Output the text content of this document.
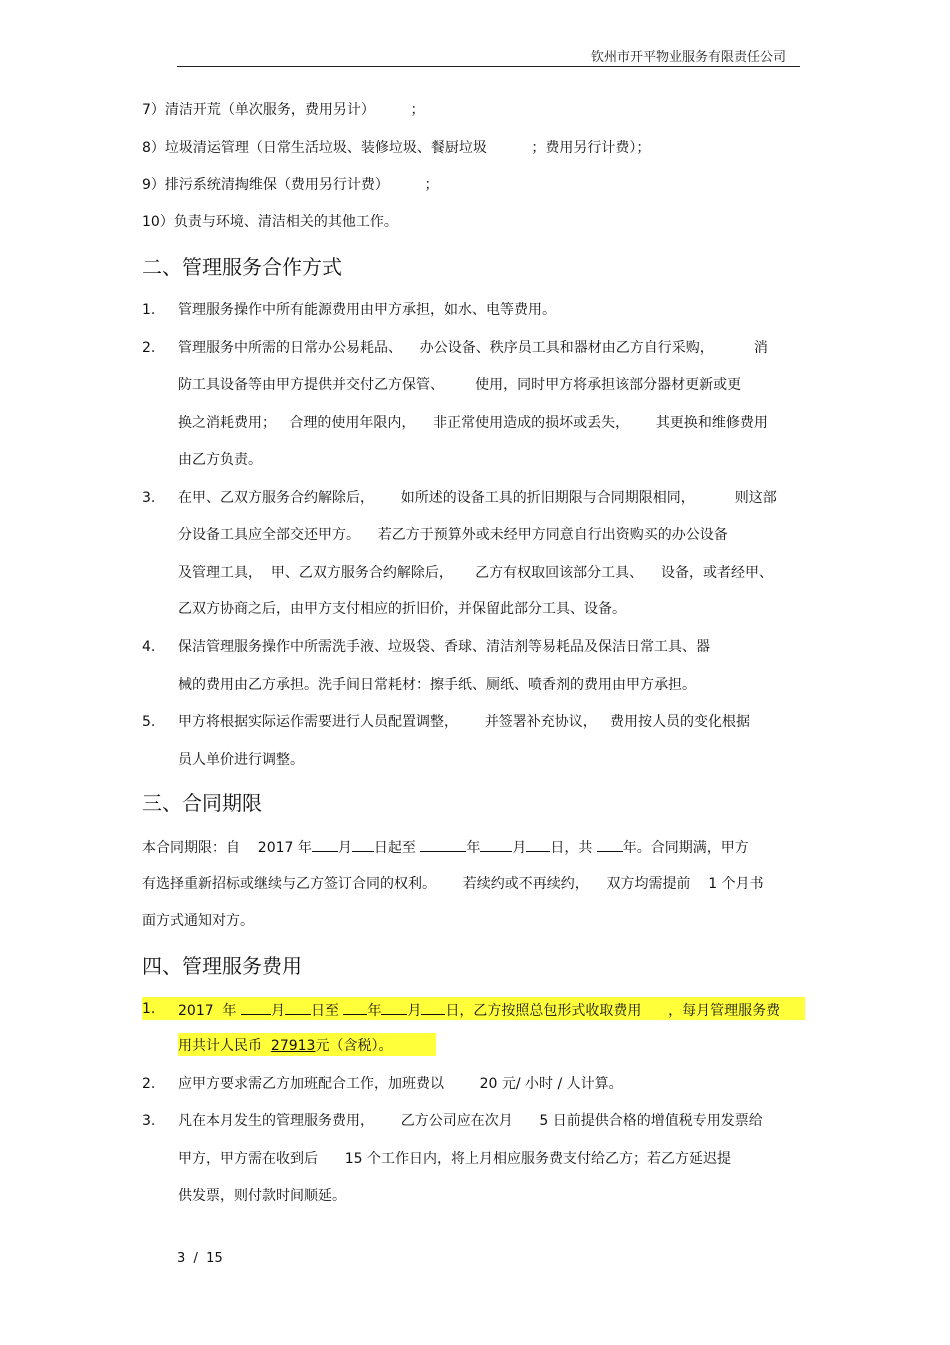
钦州市开平物业服务有限责任公司
7）清洁开荒（单次服务，费用另计）        ；
8）垃圾清运管理（日常生活垃圾、装修垃圾、餐厨垃圾          ；费用另行计费）；
9）排污系统清掏维保（费用另行计费）        ；
10）负责与环境、清洁相关的其他工作。
二、管理服务合作方式
1. 管理服务操作中所有能源费用由甲方承担，如水、电等费用。
2. 管理服务中所需的日常办公易耗品、    办公设备、秩序员工具和器材由乙方自行采购，         消
防工具设备等由甲方提供并交付乙方保管、       使用，同时甲方将承担该部分器材更新或更
换之消耗费用；   合理的使用年限内，    非正常使用造成的损坏或丢失，      其更换和维修费用
由乙方负责。
3. 在甲、乙双方服务合约解除后，      如所述的设备工具的折旧期限与合同期限相同，         则这部
分设备工具应全部交还甲方。    若乙方于预算外或未经甲方同意自行出资购买的办公设备
及管理工具，  甲、乙双方服务合约解除后，     乙方有权取回该部分工具、    设备，或者经甲、
乙双方协商之后，由甲方支付相应的折旧价，并保留此部分工具、设备。
4. 保洁管理服务操作中所需洗手液、垃圾袋、香球、清洁剂等易耗品及保洁日常工具、器
械的费用由乙方承担。洗手间日常耗材：擦手纸、厕纸、喷香剂的费用由甲方承担。
5. 甲方将根据实际运作需要进行人员配置调整，      并签署补充协议，   费用按人员的变化根据
员人单价进行调整。
三、合同期限
本合同期限：自    2017 年 月 日起至	年 月 日，共 年。合同期满，甲方
有选择重新招标或继续与乙方签订合同的权利。      若续约或不再续约，    双方均需提前    1 个月书
面方式通知对方。
四、管理服务费用
1. 2017  年 月 日至 年 月 日，乙方按照总包形式收取费用      ，每月管理服务费
用共计人民币  27913元（含税）。
2. 应甲方要求需乙方加班配合工作，加班费以        20 元/ 小时 / 人计算。
3. 凡在本月发生的管理服务费用，      乙方公司应在次月      5 日前提供合格的增值税专用发票给
甲方，甲方需在收到后      15 个工作日内，将上月相应服务费支付给乙方；若乙方延迟提
供发票，则付款时间顺延。
3  /  15
